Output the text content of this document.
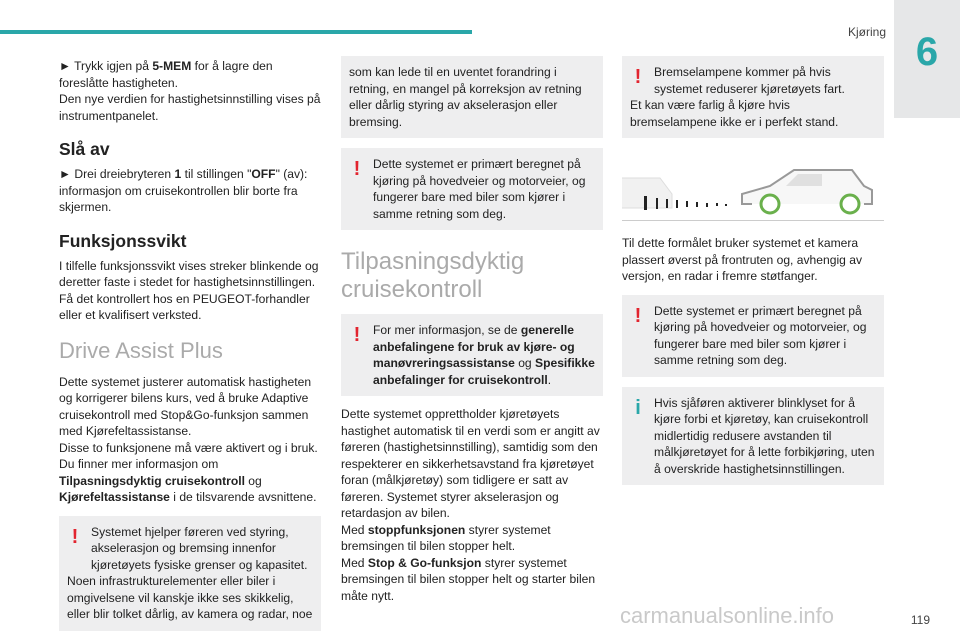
Kjøring 6

► Trykk igjen på 5-MEM for å lagre den foreslåtte hastigheten.

Den nye verdien for hastighetsinnstilling vises på instrumentpanelet.

Slå av

► Drei dreiebryteren 1 til stillingen "OFF" (av): informasjon om cruisekontrollen blir borte fra skjermen.

Funksjonssvikt

I tilfelle funksjonssvikt vises streker blinkende og deretter faste i stedet for hastighetsinnstillingen.

Få det kontrollert hos en PEUGEOT-forhandler eller et kvalifisert verksted.

Drive Assist Plus

Dette systemet justerer automatisk hastigheten og korrigerer bilens kurs, ved å bruke Adaptive cruisekontroll med Stop&Go-funksjon sammen med Kjørefeltassistanse.

Disse to funksjonene må være aktivert og i bruk.

Du finner mer informasjon om

Tilpasningsdyktig cruisekontroll og

Kjørefeltassistanse i de tilsvarende avsnittene.

!	Systemet hjelper føreren ved styring, akselerasjon og bremsing innenfor kjøretøyets fysiske grenser og kapasitet.

Noen infrastrukturelementer eller biler i omgivelsene vil kanskje ikke ses skikkelig, eller blir tolket dårlig, av kamera og radar, noe

som kan lede til en uventet forandring i retning, en mangel på korreksjon av retning eller dårlig styring av akselerasjon eller bremsing.

!	Dette systemet er primært beregnet på kjøring på hovedveier og motorveier, og fungerer bare med biler som kjører i samme retning som deg.

Tilpasningsdyktig cruisekontroll
!	For mer informasjon, se de generelle anbefalingene for bruk av kjøre- og manøvreringsassistanse og Spesifikke anbefalinger for cruisekontroll.

Dette systemet opprettholder kjøretøyets hastighet automatisk til en verdi som er angitt av føreren (hastighetsinnstilling), samtidig som den respekterer en sikkerhetsavstand fra kjøretøyet foran (målkjøretøy) som tidligere er satt av føreren. Systemet styrer akselerasjon og retardasjon av bilen.

Med stoppfunksjonen styrer systemet bremsingen til bilen stopper helt.

Med Stop & Go-funksjon styrer systemet bremsingen til bilen stopper helt og starter bilen måte nytt.

!	Bremselampene kommer på hvis systemet reduserer kjøretøyets fart.

Et kan være farlig å kjøre hvis bremselampene ikke er i perfekt stand.

Til dette formålet bruker systemet et kamera plassert øverst på frontruten og, avhengig av versjon, en radar i fremre støtfanger.

!	Dette systemet er primært beregnet på kjøring på hovedveier og motorveier, og fungerer bare med biler som kjører i samme retning som deg.

i	Hvis sjåføren aktiverer blinklyset for å kjøre forbi et kjøretøy, kan cruisekontroll midlertidig redusere avstanden til målkjøretøyet for å lette forbikjøring, uten å overskride hastighetsinnstillingen.

carmanualsonline.info	119
